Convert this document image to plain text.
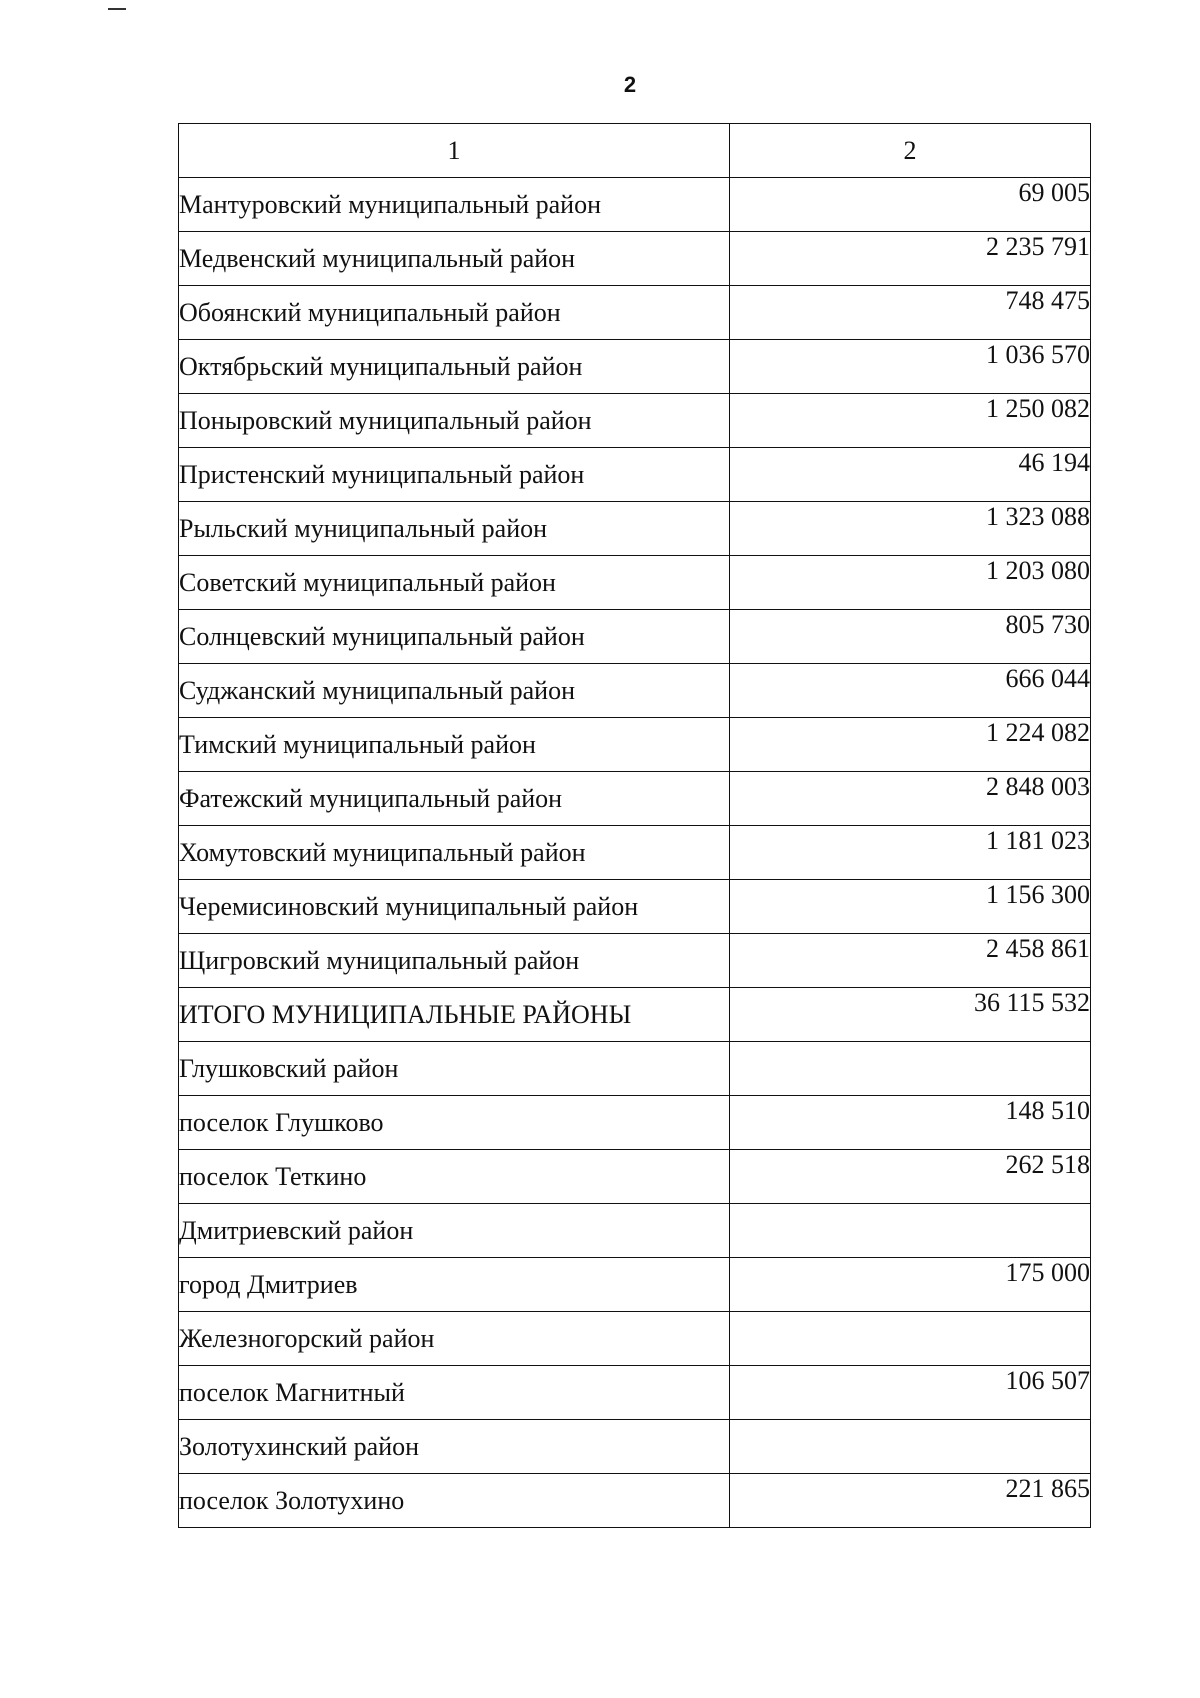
2
1	2
Мантуровский муниципальный район	69 005
Медвенский муниципальный район	2 235 791
Обоянский муниципальный район	748 475
Октябрьский муниципальный район	1 036 570
Поныровский муниципальный район	1 250 082
Пристенский муниципальный район	46 194
Рыльский муниципальный район	1 323 088
Советский муниципальный район	1 203 080
Солнцевский муниципальный район	805 730
Суджанский муниципальный район	666 044
Тимский муниципальный район	1 224 082
Фатежский муниципальный район	2 848 003
Хомутовский муниципальный район	1 181 023
Черемисиновский муниципальный район	1 156 300
Щигровский муниципальный район	2 458 861
ИТОГО МУНИЦИПАЛЬНЫЕ РАЙОНЫ	36 115 532
Глушковский район	
поселок Глушково	148 510
поселок Теткино	262 518
Дмитриевский район	
город Дмитриев	175 000
Железногорский район	
поселок Магнитный	106 507
Золотухинский район	
поселок Золотухино	221 865
